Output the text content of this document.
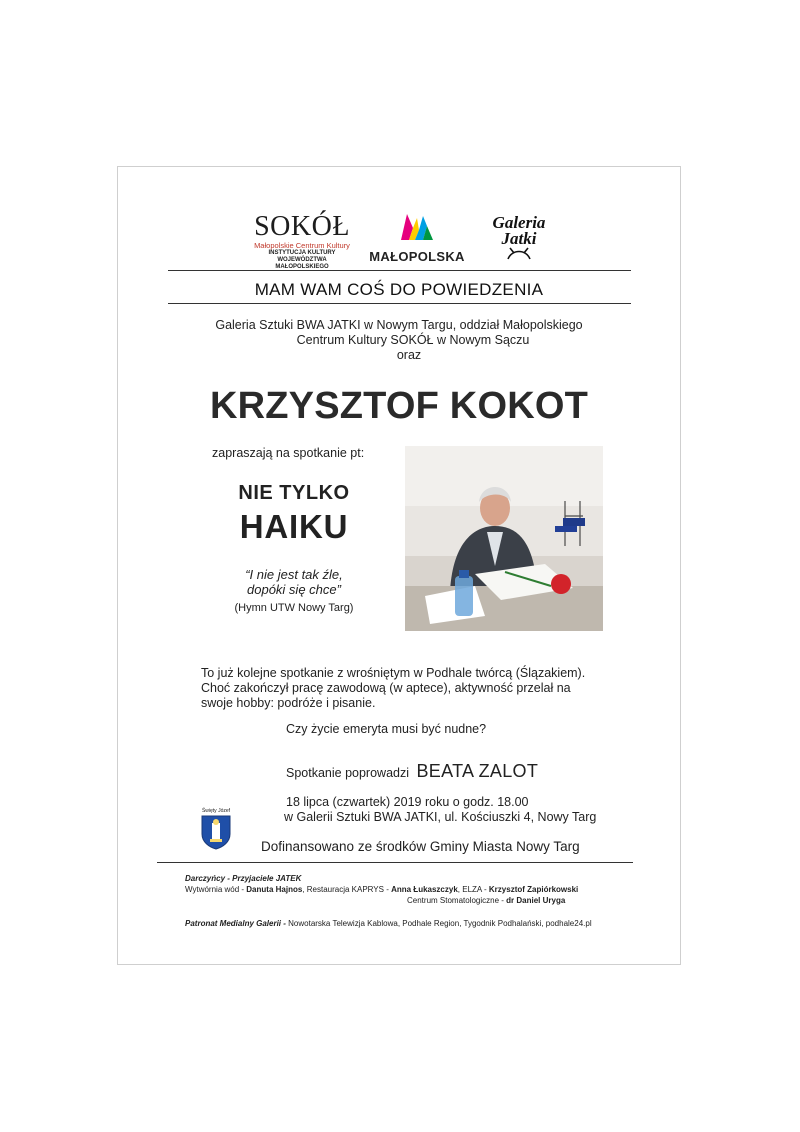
SOKÓŁ
Małopolskie Centrum Kultury
INSTYTUCJA KULTURY
WOJEWÓDZTWA MAŁOPOLSKIEGO
MAŁOPOLSKA
Galeria
Jatki
MAM WAM COŚ DO POWIEDZENIA
Galeria Sztuki BWA JATKI w Nowym Targu, oddział Małopolskiego
Centrum Kultury SOKÓŁ w Nowym Sączu
oraz
KRZYSZTOF KOKOT
zapraszają na spotkanie pt:
NIE TYLKO
HAIKU
“I nie jest tak źle,
dopóki się chce”
(Hymn UTW Nowy Targ)
To już kolejne spotkanie z wrośniętym w Podhale twórcą (Ślązakiem).
Choć zakończył pracę zawodową (w aptece), aktywność przelał na
swoje hobby: podróże i pisanie.
Czy życie emeryta musi być nudne?
Spotkanie poprowadzi BEATA ZALOT
18 lipca (czwartek) 2019 roku o godz. 18.00
w Galerii Sztuki BWA JATKI, ul. Kościuszki 4, Nowy Targ
Święty Józef
Dofinansowano ze środków Gminy Miasta Nowy Targ
Darczyńcy - Przyjaciele JATEK
Wytwórnia wód - Danuta Hajnos, Restauracja KAPRYS - Anna Łukaszczyk, ELZA - Krzysztof Zapiórkowski
Centrum Stomatologiczne - dr Daniel Uryga
Patronat Medialny Galerii - Nowotarska Telewizja Kablowa, Podhale Region, Tygodnik Podhalański, podhale24.pl
